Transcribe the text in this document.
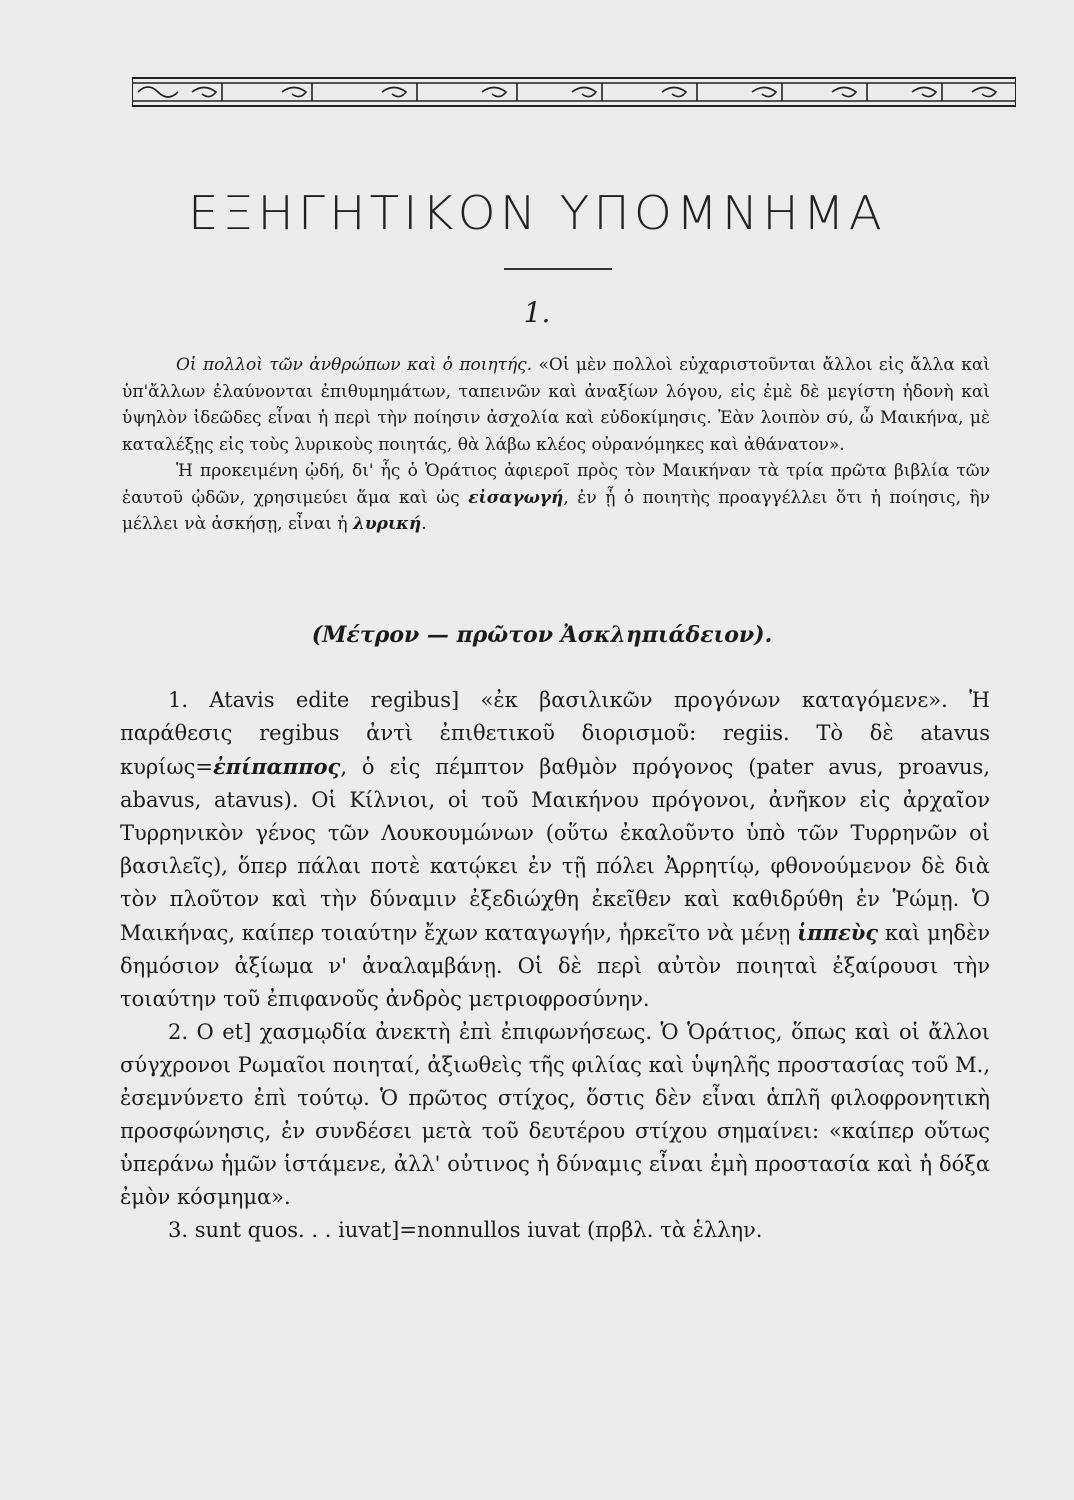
ΕΞΗΓΗΤΙΚΟΝ ΥΠΟΜΝΗΜΑ
1.

Οἱ πολλοὶ τῶν ἀνθρώπων καὶ ὁ ποιητής. «Οἱ μὲν πολλοὶ εὐχαριστοῦνται ἄλλοι εἰς ἄλλα καὶ ὑπ'ἄλλων ἐλαύνονται ἐπιθυμημάτων, ταπεινῶν καὶ ἀναξίων λόγου, εἰς ἐμὲ δὲ μεγίστη ἡδονὴ καὶ ὑψηλὸν ἰδεῶδες εἶναι ἡ περὶ τὴν ποίησιν ἀσχολία καὶ εὐδοκίμησις. Ἐὰν λοιπὸν σύ, ὦ Μαικήνα, μὲ καταλέξῃς εἰς τοὺς λυρικοὺς ποιητάς, θὰ λάβω κλέος οὐρανόμηκες καὶ ἀθάνατον».

Ἡ προκειμένη ᾠδή, δι' ἧς ὁ Ὁράτιος ἀφιεροῖ πρὸς τὸν Μαικήναν τὰ τρία πρῶτα βιβλία τῶν ἑαυτοῦ ᾠδῶν, χρησιμεύει ἅμα καὶ ὡς εἰσαγωγή, ἐν ᾗ ὁ ποιητὴς προαγγέλλει ὅτι ἡ ποίησις, ἣν μέλλει νὰ ἀσκήσῃ, εἶναι ἡ λυρική.

(Μέτρον — πρῶτον Ἀσκληπιάδειον).

1. Atavis edite regibus] «ἐκ βασιλικῶν προγόνων καταγόμενε». Ἡ παράθεσις regibus ἀντὶ ἐπιθετικοῦ διορισμοῦ: regiis. Τὸ δὲ atavus κυρίως=ἐπίπαππος, ὁ εἰς πέμπτον βαθμὸν πρόγονος (pater avus, proavus, abavus, atavus). Οἱ Κίλνιοι, οἱ τοῦ Μαικήνου πρόγονοι, ἀνῆκον εἰς ἀρχαῖον Τυρρηνικὸν γένος τῶν Λουκουμώνων (οὕτω ἐκαλοῦντο ὑπὸ τῶν Τυρρηνῶν οἱ βασιλεῖς), ὅπερ πάλαι ποτὲ κατῴκει ἐν τῇ πόλει Ἀρρητίῳ, φθονούμενον δὲ διὰ τὸν πλοῦτον καὶ τὴν δύναμιν ἐξεδιώχθη ἐκεῖθεν καὶ καθιδρύθη ἐν Ῥώμῃ. Ὁ Μαικήνας, καίπερ τοιαύτην ἔχων καταγωγήν, ἠρκεῖτο νὰ μένῃ ἱππεὺς καὶ μηδὲν δημόσιον ἀξίωμα ν' ἀναλαμβάνῃ. Οἱ δὲ περὶ αὐτὸν ποιηταὶ ἐξαίρουσι τὴν τοιαύτην τοῦ ἐπιφανοῦς ἀνδρὸς μετριοφροσύνην.

2. O et] χασμῳδία ἀνεκτὴ ἐπὶ ἐπιφωνήσεως. Ὁ Ὁράτιος, ὅπως καὶ οἱ ἄλλοι σύγχρονοι Ρωμαῖοι ποιηταί, ἀξιωθεὶς τῆς φιλίας καὶ ὑψηλῆς προστασίας τοῦ Μ., ἐσεμνύνετο ἐπὶ τούτῳ. Ὁ πρῶτος στίχος, ὅστις δὲν εἶναι ἁπλῆ φιλοφρονητικὴ προσφώνησις, ἐν συνδέσει μετὰ τοῦ δευτέρου στίχου σημαίνει: «καίπερ οὕτως ὑπεράνω ἡμῶν ἱστάμενε, ἀλλ' οὐτινος ἡ δύναμις εἶναι ἐμὴ προστασία καὶ ἡ δόξα ἐμὸν κόσμημα».

3. sunt quos. . . iuvat]=nonnullos iuvat (πρβλ. τὰ ἑλλην.
